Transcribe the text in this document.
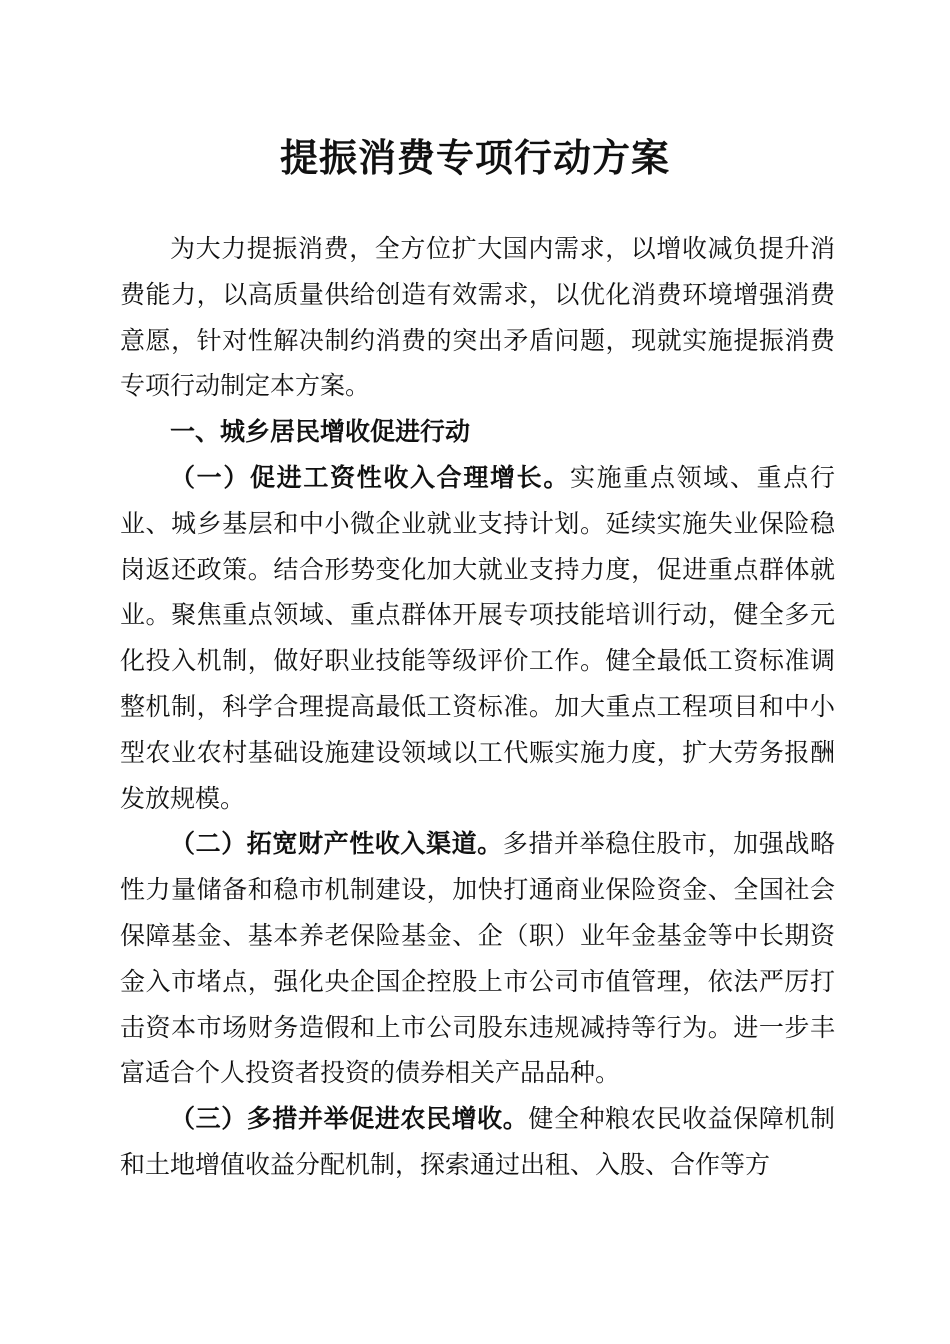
提振消费专项行动方案

为大力提振消费，全方位扩大国内需求，以增收减负提升消费能力，以高质量供给创造有效需求，以优化消费环境增强消费意愿，针对性解决制约消费的突出矛盾问题，现就实施提振消费专项行动制定本方案。

一、城乡居民增收促进行动

（一）促进工资性收入合理增长。实施重点领域、重点行业、城乡基层和中小微企业就业支持计划。延续实施失业保险稳岗返还政策。结合形势变化加大就业支持力度，促进重点群体就业。聚焦重点领域、重点群体开展专项技能培训行动，健全多元化投入机制，做好职业技能等级评价工作。健全最低工资标准调整机制，科学合理提高最低工资标准。加大重点工程项目和中小型农业农村基础设施建设领域以工代赈实施力度，扩大劳务报酬发放规模。

（二）拓宽财产性收入渠道。多措并举稳住股市，加强战略性力量储备和稳市机制建设，加快打通商业保险资金、全国社会保障基金、基本养老保险基金、企（职）业年金基金等中长期资金入市堵点，强化央企国企控股上市公司市值管理，依法严厉打击资本市场财务造假和上市公司股东违规减持等行为。进一步丰富适合个人投资者投资的债券相关产品品种。

（三）多措并举促进农民增收。健全种粮农民收益保障机制和土地增值收益分配机制，探索通过出租、入股、合作等方
